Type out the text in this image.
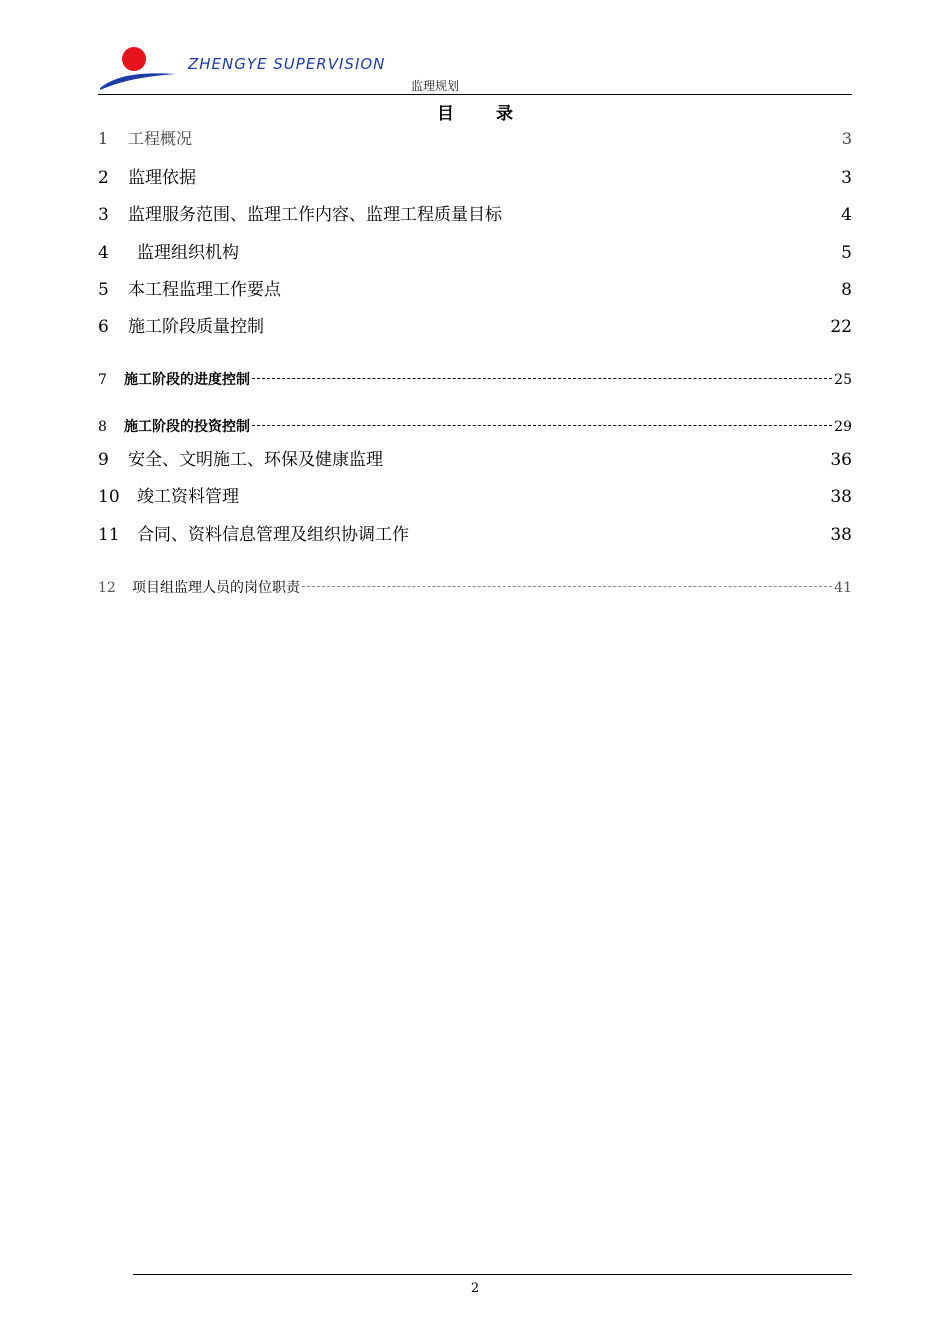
ZHENGYE SUPERVISION
监理规划
目 录
1	工程概况	3
2	监理依据	3
3	监理服务范围、监理工作内容、监理工程质量目标	4
4	监理组织机构	5
5	本工程监理工作要点	8
6	施工阶段质量控制	22
7	施工阶段的进度控制	25
8	施工阶段的投资控制	29
9	安全、文明施工、环保及健康监理	36
10	竣工资料管理	38
11	合同、资料信息管理及组织协调工作	38
12	项目组监理人员的岗位职责	41
2
